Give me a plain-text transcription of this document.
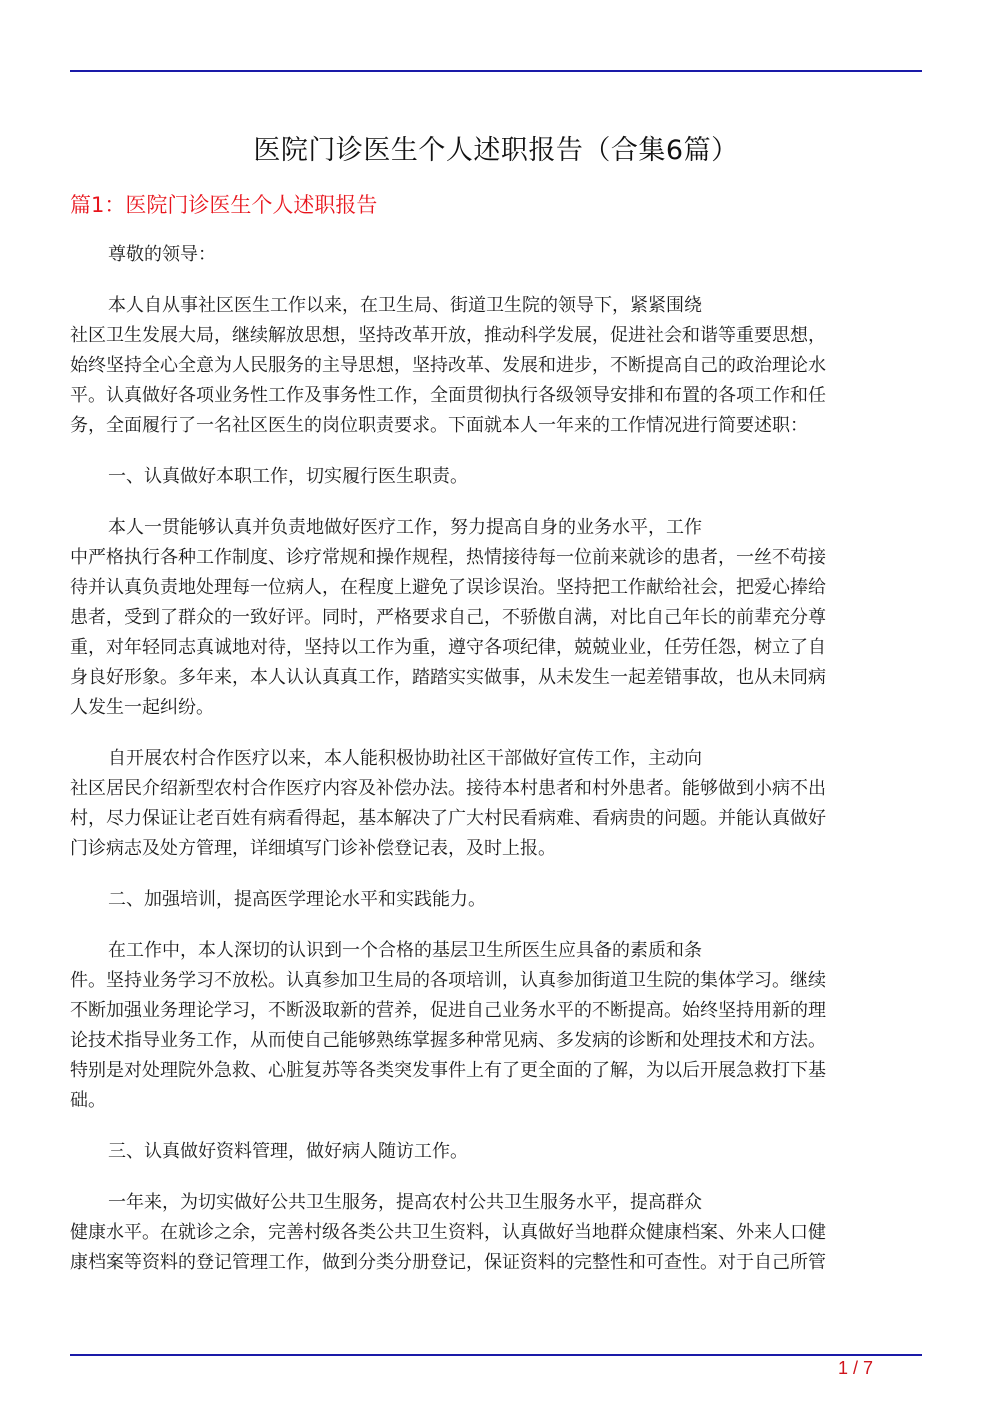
医院门诊医生个人述职报告（合集6篇）
篇1：医院门诊医生个人述职报告

尊敬的领导：

本人自从事社区医生工作以来，在卫生局、街道卫生院的领导下，紧紧围绕
社区卫生发展大局，继续解放思想，坚持改革开放，推动科学发展，促进社会和谐等重要思想，
始终坚持全心全意为人民服务的主导思想，坚持改革、发展和进步，不断提高自己的政治理论水
平。认真做好各项业务性工作及事务性工作，全面贯彻执行各级领导安排和布置的各项工作和任
务，全面履行了一名社区医生的岗位职责要求。下面就本人一年来的工作情况进行简要述职：

一、认真做好本职工作，切实履行医生职责。

本人一贯能够认真并负责地做好医疗工作，努力提高自身的业务水平，工作
中严格执行各种工作制度、诊疗常规和操作规程，热情接待每一位前来就诊的患者，一丝不苟接
待并认真负责地处理每一位病人，在程度上避免了误诊误治。坚持把工作献给社会，把爱心捧给
患者，受到了群众的一致好评。同时，严格要求自己，不骄傲自满，对比自己年长的前辈充分尊
重，对年轻同志真诚地对待，坚持以工作为重，遵守各项纪律，兢兢业业，任劳任怨，树立了自
身良好形象。多年来，本人认认真真工作，踏踏实实做事，从未发生一起差错事故，也从未同病
人发生一起纠纷。

自开展农村合作医疗以来，本人能积极协助社区干部做好宣传工作，主动向
社区居民介绍新型农村合作医疗内容及补偿办法。接待本村患者和村外患者。能够做到小病不出
村，尽力保证让老百姓有病看得起，基本解决了广大村民看病难、看病贵的问题。并能认真做好
门诊病志及处方管理，详细填写门诊补偿登记表，及时上报。

二、加强培训，提高医学理论水平和实践能力。

在工作中，本人深切的认识到一个合格的基层卫生所医生应具备的素质和条
件。坚持业务学习不放松。认真参加卫生局的各项培训，认真参加街道卫生院的集体学习。继续
不断加强业务理论学习，不断汲取新的营养，促进自己业务水平的不断提高。始终坚持用新的理
论技术指导业务工作，从而使自己能够熟练掌握多种常见病、多发病的诊断和处理技术和方法。
特别是对处理院外急救、心脏复苏等各类突发事件上有了更全面的了解，为以后开展急救打下基
础。

三、认真做好资料管理，做好病人随访工作。

一年来，为切实做好公共卫生服务，提高农村公共卫生服务水平，提高群众
健康水平。在就诊之余，完善村级各类公共卫生资料，认真做好当地群众健康档案、外来人口健
康档案等资料的登记管理工作，做到分类分册登记，保证资料的完整性和可查性。对于自己所管

1 / 7
